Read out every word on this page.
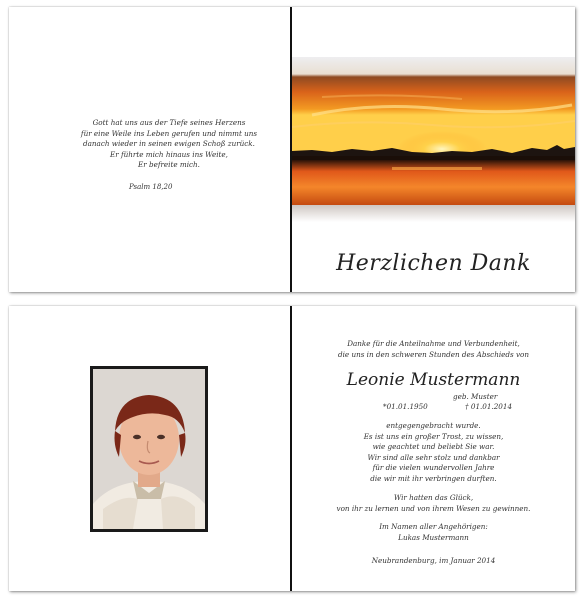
Gott hat uns aus der Tiefe seines Herzens
für eine Weile ins Leben gerufen und nimmt uns
danach wieder in seinen ewigen Schoß zurück.
Er führte mich hinaus ins Weite,
Er befreite mich.
Psalm 18,20
Herzlichen Dank
Danke für die Anteilnahme und Verbundenheit,
die uns in den schweren Stunden des Abschieds von
Leonie Mustermann
geb. Muster
*01.01.1950	† 01.01.2014
entgegengebracht wurde.
Es ist uns ein großer Trost, zu wissen,
wie geachtet und beliebt Sie war.
Wir sind alle sehr stolz und dankbar
für die vielen wundervollen Jahre
die wir mit ihr verbringen durften.
Wir hatten das Glück,
von ihr zu lernen und von ihrem Wesen zu gewinnen.
Im Namen aller Angehörigen:
Lukas Mustermann
Neubrandenburg, im Januar 2014
